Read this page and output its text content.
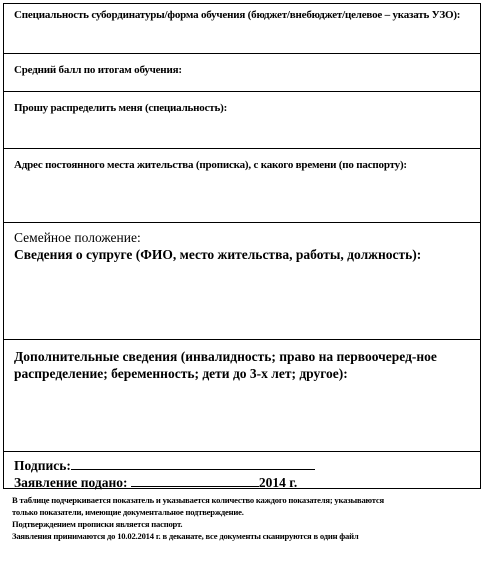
Специальность субординатуры/форма обучения (бюджет/внебюджет/целевое – указать УЗО):
Средний балл по итогам обучения:
Прошу распределить меня (специальность):
Адрес постоянного места жительства (прописка), с какого времени (по паспорту):
Семейное положение:
Сведения о супруге (ФИО, место жительства, работы, должность):
Дополнительные сведения (инвалидность; право на первоочеред-ное распределение; беременность; дети до 3-х лет; другое):
Подпись:
Заявление подано:	2014 г.
В таблице подчеркивается показатель и указывается количество каждого показателя; указываются
только показатели, имеющие документальное подтверждение.
Подтверждением прописки является паспорт.
Заявления принимаются до 10.02.2014 г. в деканате, все документы сканируются в один файл
